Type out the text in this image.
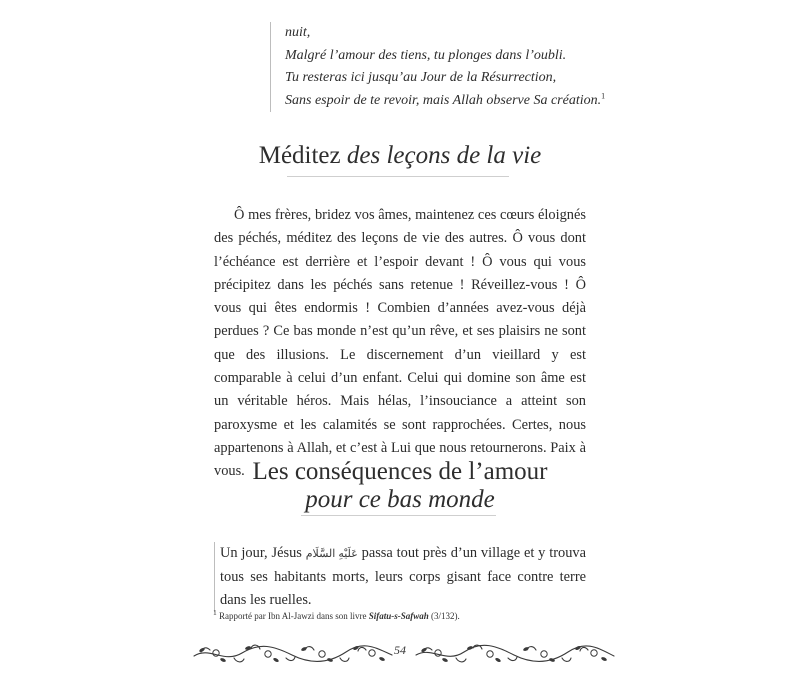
nuit,
Malgré l’amour des tiens, tu plonges dans l’oubli.
Tu resteras ici jusqu’au Jour de la Résurrection,
Sans espoir de te revoir, mais Allah observe Sa création.$^1$
Méditez des leçons de la vie

Ô mes frères, bridez vos âmes, maintenez ces cœurs éloignés des péchés, méditez des leçons de vie des autres. Ô vous dont l’échéance est derrière et l’espoir devant ! Ô vous qui vous précipitez dans les péchés sans retenue ! Réveillez-vous ! Ô vous qui êtes endormis ! Combien d’années avez-vous déjà perdues ? Ce bas monde n’est qu’un rêve, et ses plaisirs ne sont que des illusions. Le discernement d’un vieillard y est comparable à celui d’un enfant. Celui qui domine son âme est un véritable héros. Mais hélas, l’insouciance a atteint son paroxysme et les calamités se sont rapprochées. Certes, nous appartenons à Allah, et c’est à Lui que nous retournerons. Paix à vous. Les conséquences de l’amour
pour ce bas monde

Un jour, Jésus عَلَيْهِ السَّلَام passa tout près d’un village et y trouva tous ses habitants morts, leurs corps gisant face contre terre dans les ruelles.

$^1$ Rapporté par Ibn Al-Jawzi dans son livre Sifatu-s-Safwah (3/132).
54
